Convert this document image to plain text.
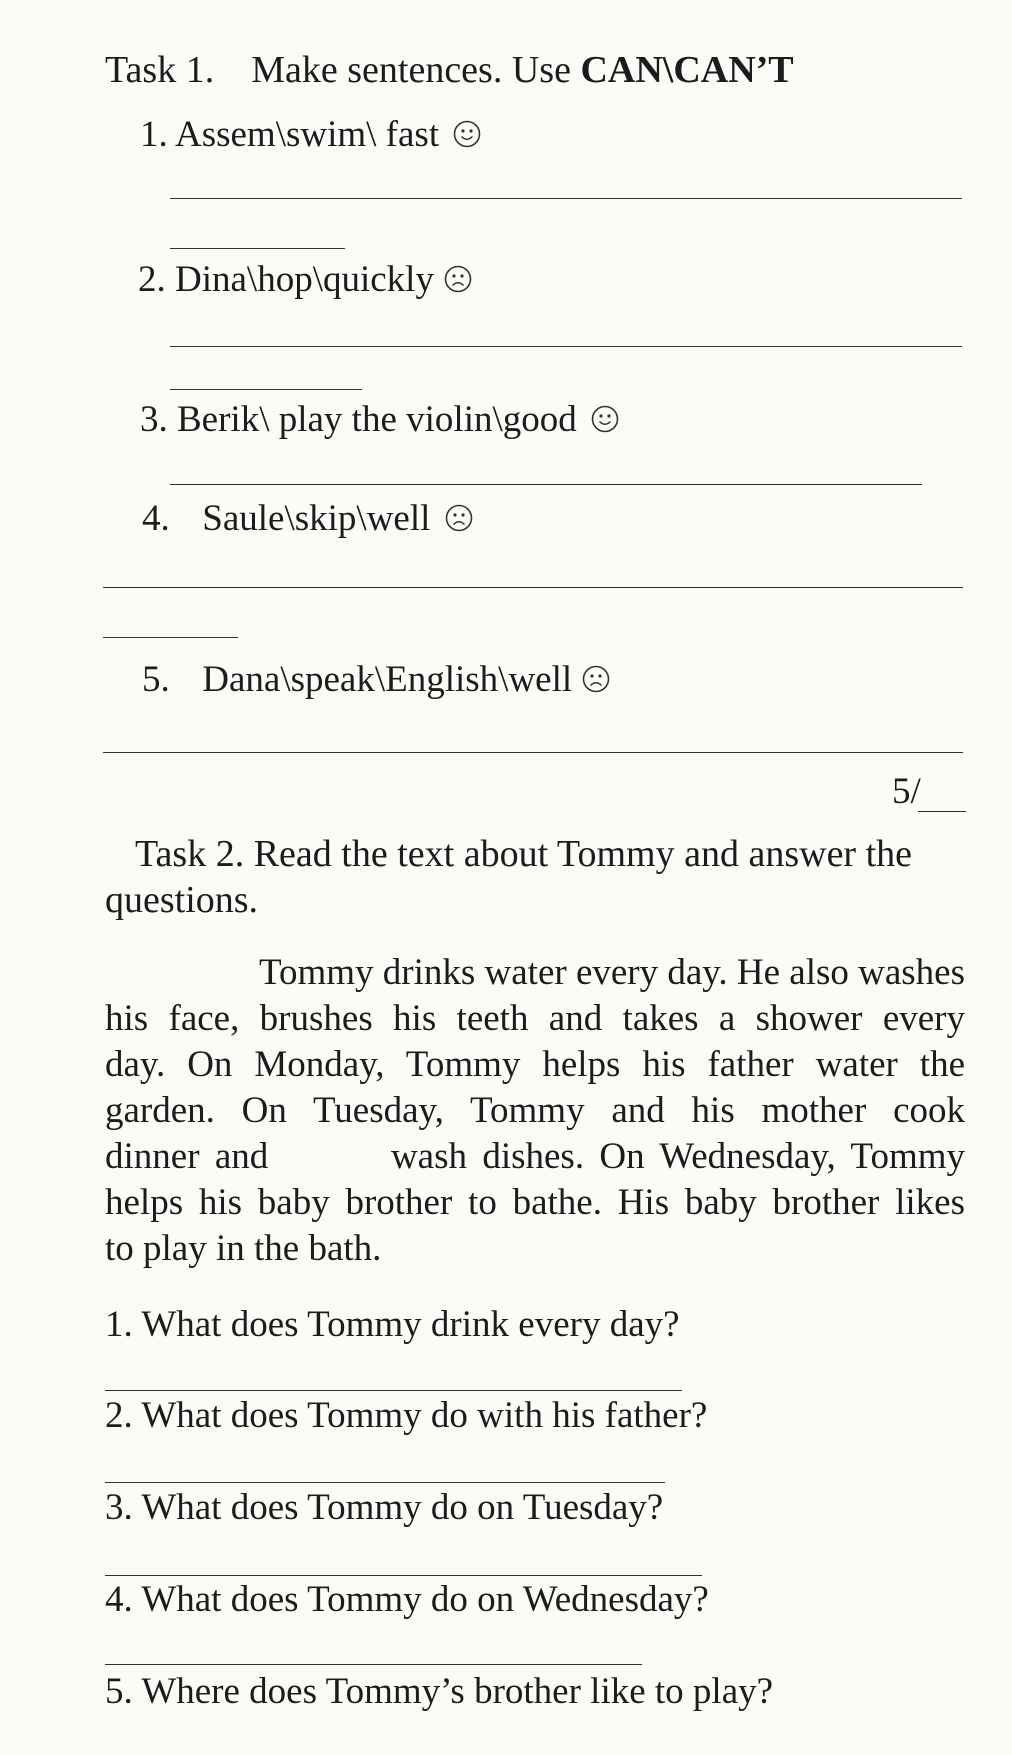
Task 1. Make sentences. Use CAN\CAN’T
1. Assem\swim\ fast
2. Dina\hop\quickly
3. Berik\ play the violin\good
4. Saule\skip\well
5. Dana\speak\English\well
5/
Task 2. Read the text about Tommy and answer the
questions.
Tommy drinks water every day. He also washes
his face, brushes his teeth and takes a shower every
day. On Monday, Tommy helps his father water the
garden. On Tuesday, Tommy and his mother cook
dinner and        wash dishes. On Wednesday, Tommy
helps his baby brother to bathe. His baby brother likes
to play in the bath.
1. What does Tommy drink every day?
2. What does Tommy do with his father?
3. What does Tommy do on Tuesday?
4. What does Tommy do on Wednesday?
5. Where does Tommy’s brother like to play?
